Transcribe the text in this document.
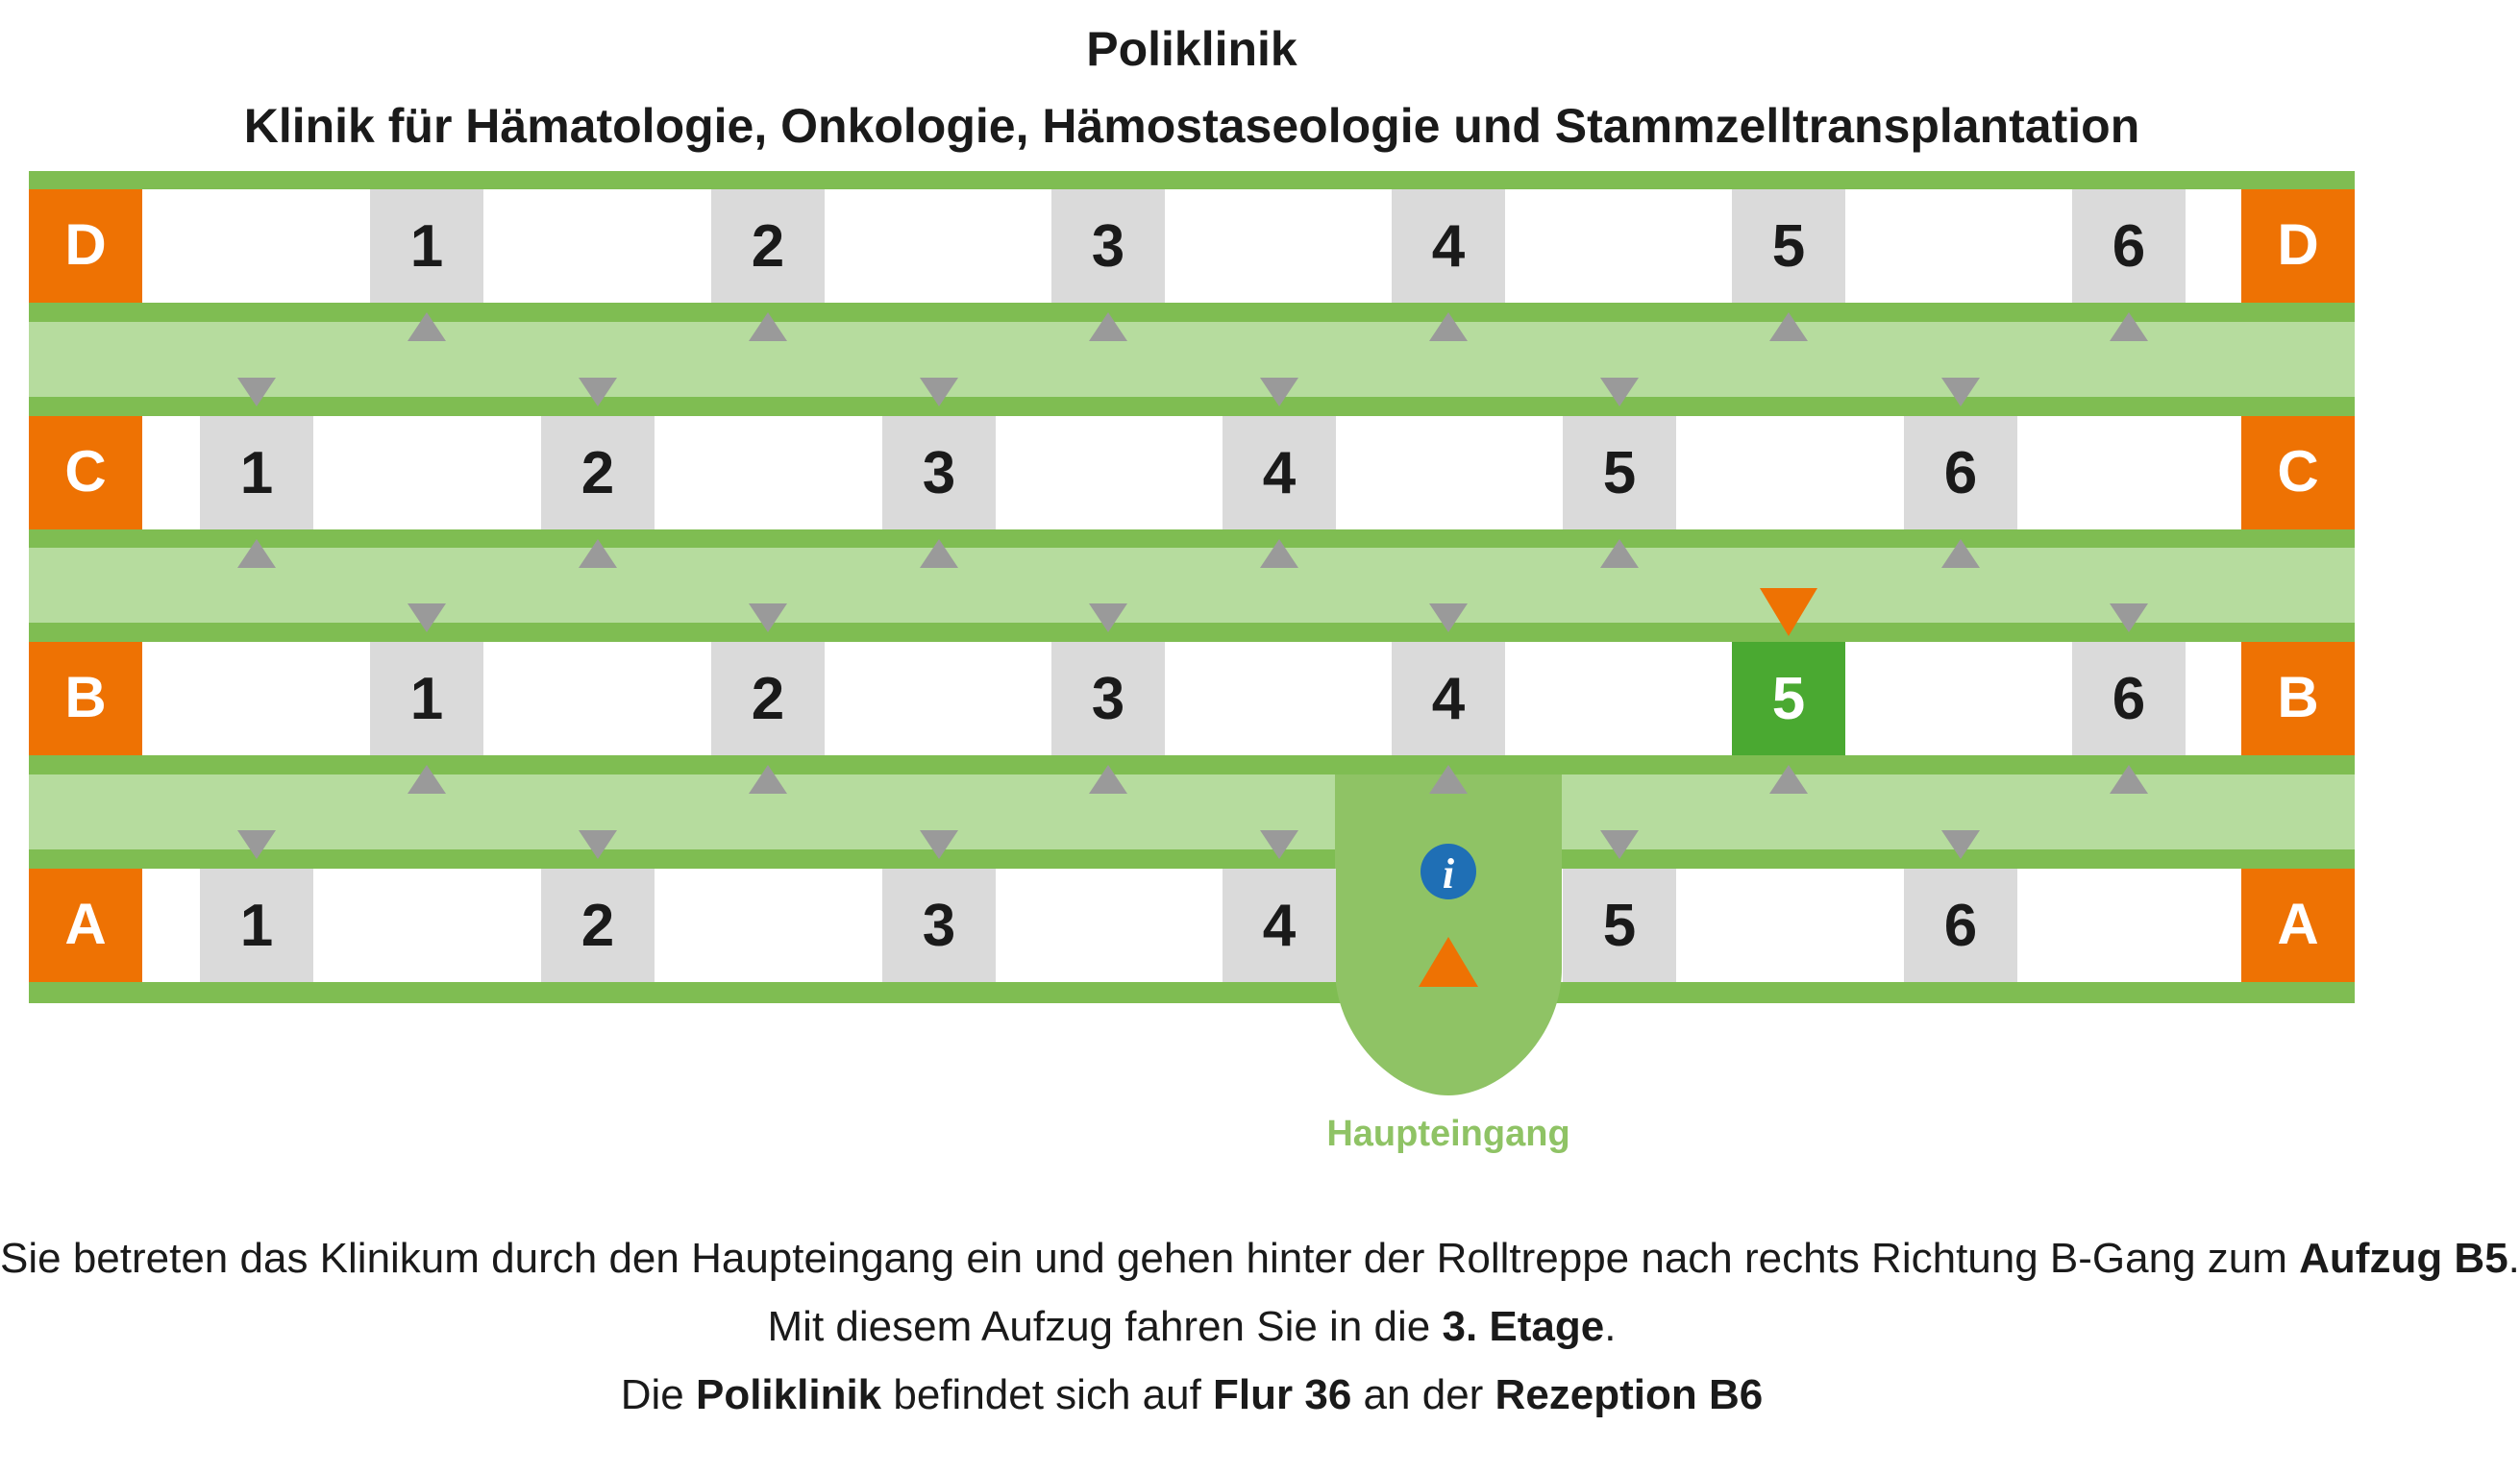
Poliklinik
Klinik für Hämatologie, Onkologie, Hämostaseologie und Stammzelltransplantation
1	2	3	4	5	6
1	2	3	4	5	6
1	2	3	4	5	6
1	2	3	4	5	6
D	D
C	C
B	B
A	A
i
Haupteingang
Sie betreten das Klinikum durch den Haupteingang ein und gehen hinter der Rolltreppe nach rechts Richtung B-Gang zum Aufzug B5.
Mit diesem Aufzug fahren Sie in die 3. Etage.
Die Poliklinik befindet sich auf Flur 36 an der Rezeption B6
